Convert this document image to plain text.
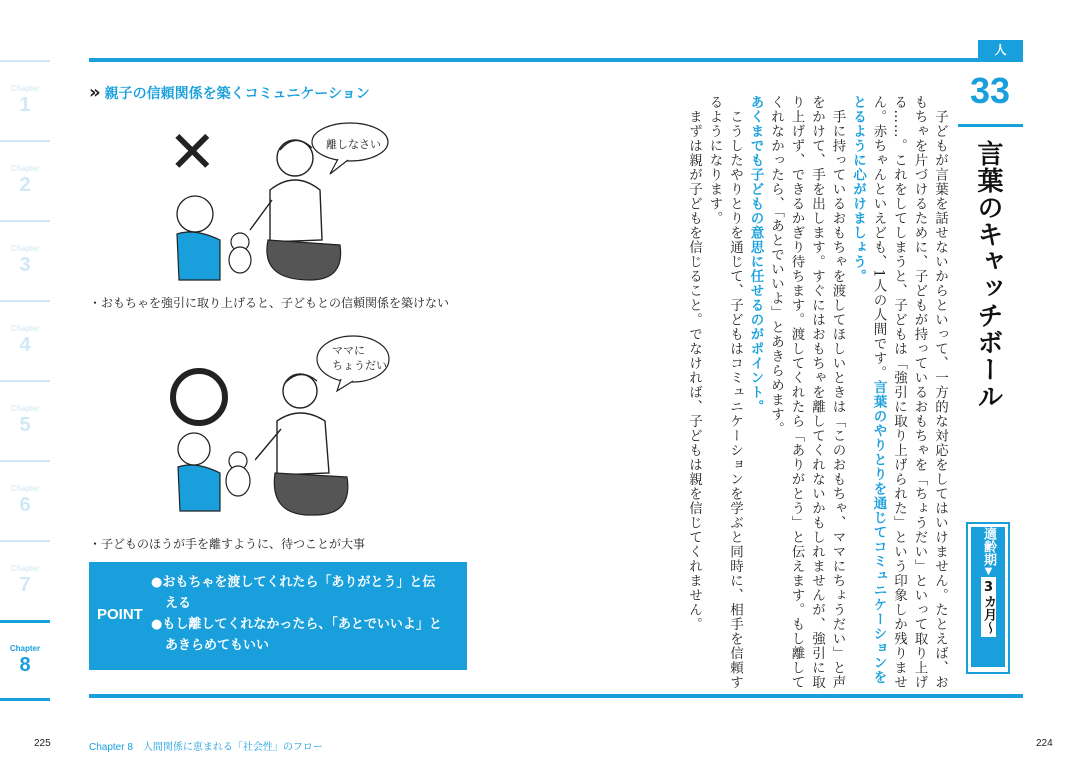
Chapter
1
Chapter
2
Chapter
3
Chapter
4
Chapter
5
Chapter
6
Chapter
7
Chapter
8
» 親子の信頼関係を築くコミュニケーション
✕	離しなさい
・おもちゃを強引に取り上げると、子どもとの信頼関係を築けない
ママに
ちょうだい
・子どものほうが手を離すように、待つことが大事
POINT
●おもちゃを渡してくれたら「ありがとう」と伝
える
●もし離してくれなかったら、「あとでいいよ」と
あきらめてもいい
人
33
言葉のキャッチボール
適齢期▼3カ月〜
　子どもが言葉を話せないからといって、一方的な対応をしてはいけません。たとえば、おもちゃを片づけるために、子どもが持っているおもちゃを「ちょうだい」といって取り上げる……。これをしてしまうと、子どもは「強引に取り上げられた」という印象しか残りません。赤ちゃんといえども、1人の人間です。言葉のやりとりを通じてコミュニケーションをとるように心がけましょう。
　手に持っているおもちゃを渡してほしいときは「このおもちゃ、ママにちょうだい」と声をかけて、手を出します。すぐにはおもちゃを離してくれないかもしれませんが、強引に取り上げず、できるかぎり待ちます。渡してくれたら「ありがとう」と伝えます。もし離してくれなかったら、「あとでいいよ」とあきらめます。
あくまでも子どもの意思に任せるのがポイント。
　こうしたやりとりを通じて、子どもはコミュニケーションを学ぶと同時に、相手を信頼するようになります。
　まずは親が子どもを信じること。でなければ、子どもは親を信じてくれません。
225	Chapter 8　 人間関係に恵まれる「社会性」のフロー	224
